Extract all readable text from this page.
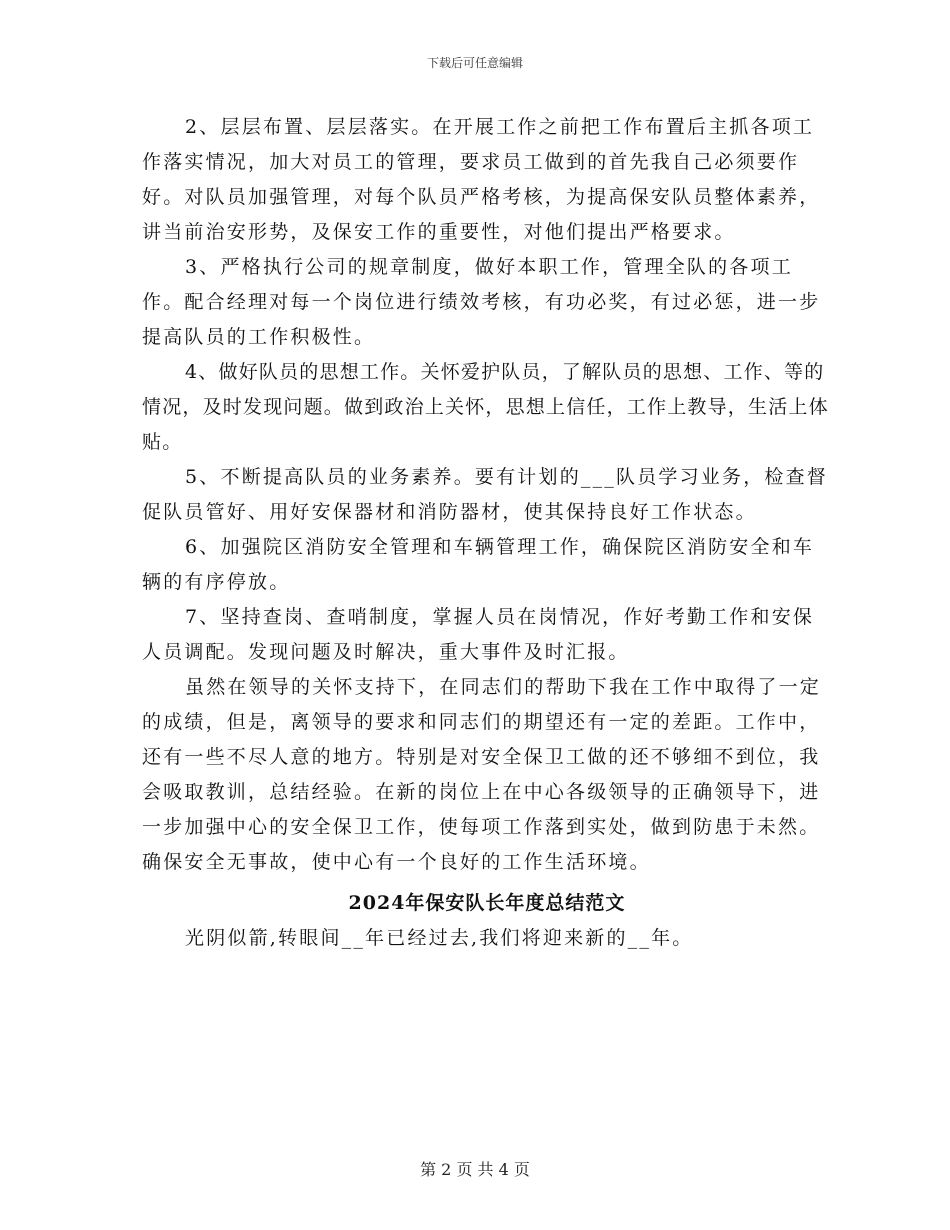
下载后可任意编辑

2、层层布置、层层落实。在开展工作之前把工作布置后主抓各项工作落实情况，加大对员工的管理，要求员工做到的首先我自己必须要作好。对队员加强管理，对每个队员严格考核，为提高保安队员整体素养，讲当前治安形势，及保安工作的重要性，对他们提出严格要求。

3、严格执行公司的规章制度，做好本职工作，管理全队的各项工作。配合经理对每一个岗位进行绩效考核，有功必奖，有过必惩，进一步提高队员的工作积极性。

4、做好队员的思想工作。关怀爱护队员，了解队员的思想、工作、等的情况，及时发现问题。做到政治上关怀，思想上信任，工作上教导，生活上体贴。

5、不断提高队员的业务素养。要有计划的___队员学习业务，检查督促队员管好、用好安保器材和消防器材，使其保持良好工作状态。

6、加强院区消防安全管理和车辆管理工作，确保院区消防安全和车辆的有序停放。

7、坚持查岗、查哨制度，掌握人员在岗情况，作好考勤工作和安保人员调配。发现问题及时解决，重大事件及时汇报。

虽然在领导的关怀支持下，在同志们的帮助下我在工作中取得了一定的成绩，但是，离领导的要求和同志们的期望还有一定的差距。工作中，还有一些不尽人意的地方。特别是对安全保卫工做的还不够细不到位，我会吸取教训，总结经验。在新的岗位上在中心各级领导的正确领导下，进一步加强中心的安全保卫工作，使每项工作落到实处，做到防患于未然。确保安全无事故，使中心有一个良好的工作生活环境。

2024年保安队长年度总结范文

光阴似箭,转眼间__年已经过去,我们将迎来新的__年。

第 2 页 共 4 页
